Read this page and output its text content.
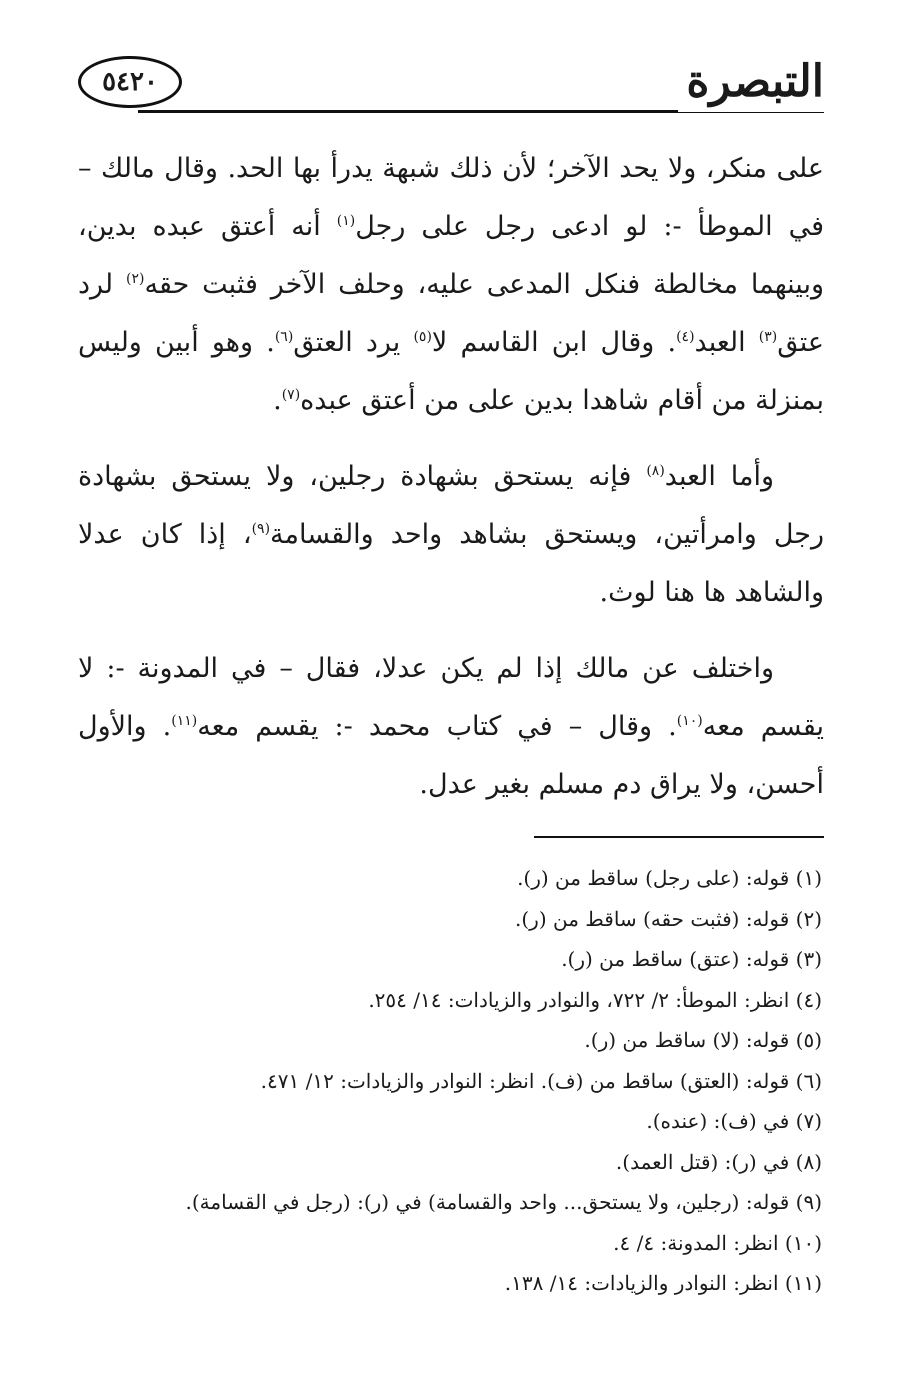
٥٤٢٠	التبصرة

على منكر، ولا يحد الآخر؛ لأن ذلك شبهة يدرأ بها الحد. وقال مالك – في الموطأ -: لو ادعى رجل على رجل$^{(١)}$ أنه أعتق عبده بدين، وبينهما مخالطة فنكل المدعى عليه، وحلف الآخر فثبت حقه$^{(٢)}$ لرد عتق$^{(٣)}$ العبد$^{(٤)}$. وقال ابن القاسم لا$^{(٥)}$ يرد العتق$^{(٦)}$. وهو أبين وليس بمنزلة من أقام شاهدا بدين على من أعتق عبده$^{(٧)}$.

وأما العبد$^{(٨)}$ فإنه يستحق بشهادة رجلين، ولا يستحق بشهادة رجل وامرأتين، ويستحق بشاهد واحد والقسامة$^{(٩)}$، إذا كان عدلا والشاهد ها هنا لوث.

واختلف عن مالك إذا لم يكن عدلا، فقال – في المدونة -: لا يقسم معه$^{(١٠)}$. وقال – في كتاب محمد -: يقسم معه$^{(١١)}$. والأول أحسن، ولا يراق دم مسلم بغير عدل.

(١) قوله: (على رجل) ساقط من (ر).
(٢) قوله: (فثبت حقه) ساقط من (ر).
(٣) قوله: (عتق) ساقط من (ر).
(٤) انظر: الموطأ: ٢/ ٧٢٢، والنوادر والزيادات: ١٤/ ٢٥٤.
(٥) قوله: (لا) ساقط من (ر).
(٦) قوله: (العتق) ساقط من (ف). انظر: النوادر والزيادات: ١٢/ ٤٧١.
(٧) في (ف): (عنده).
(٨) في (ر): (قتل العمد).
(٩) قوله: (رجلين، ولا يستحق... واحد والقسامة) في (ر): (رجل في القسامة).
(١٠) انظر: المدونة: ٤/ ٤.
(١١) انظر: النوادر والزيادات: ١٤/ ١٣٨.
